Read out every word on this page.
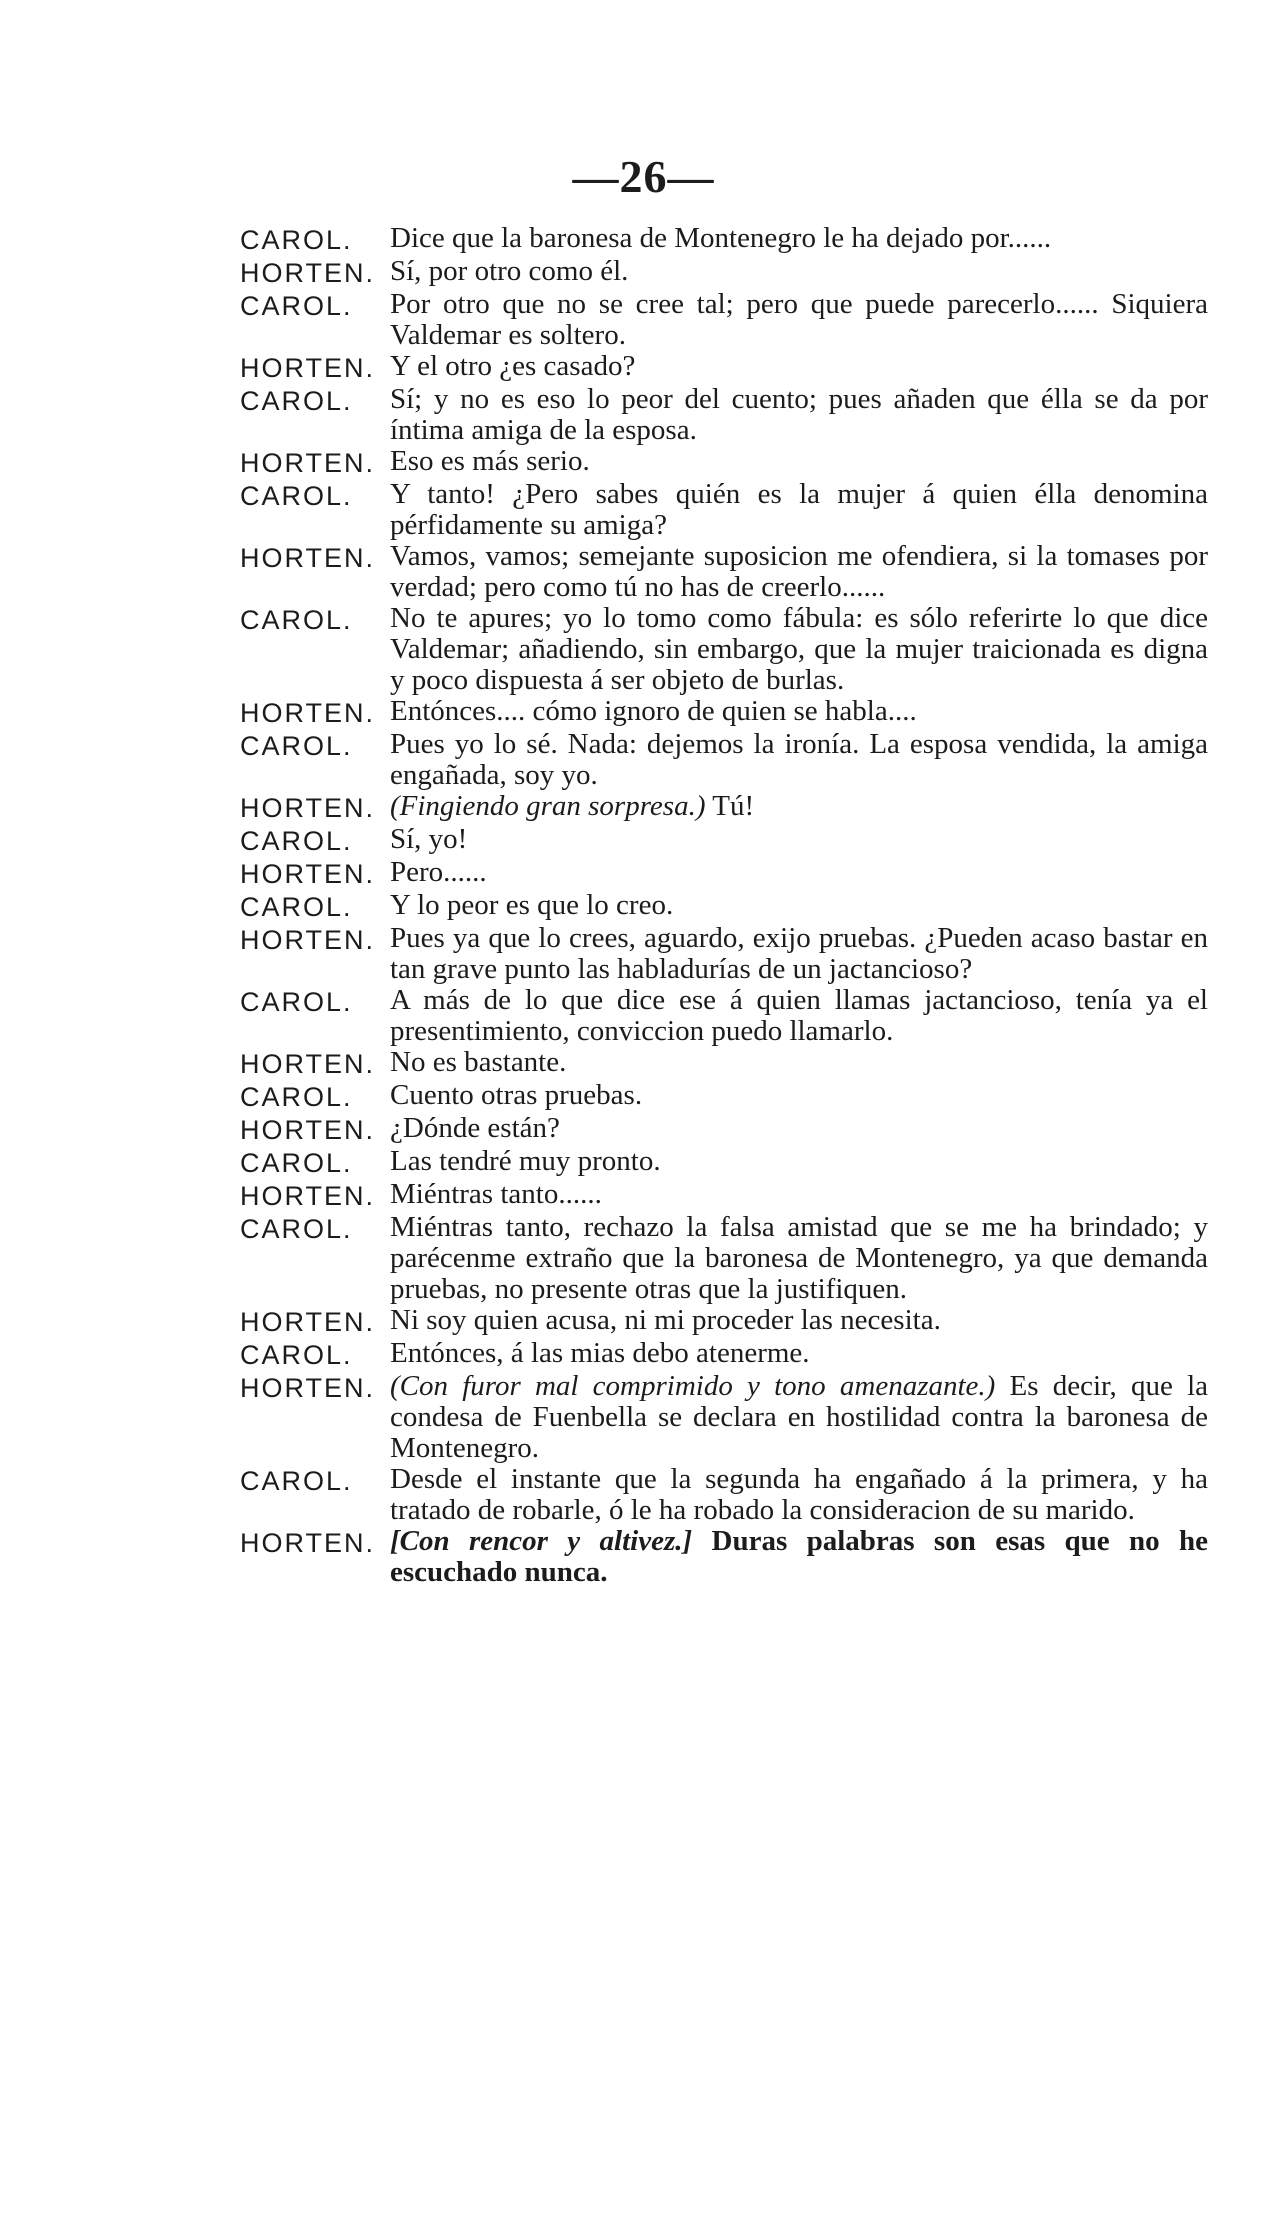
—26—
CAROL.	Dice que la baronesa de Montenegro le ha dejado por......
HORTEN. Sí, por otro como él.
CAROL.	Por otro que no se cree tal; pero que puede parecerlo...... Siquiera Valdemar es soltero.
HORTEN. Y el otro ¿es casado?
CAROL.	Sí; y no es eso lo peor del cuento; pues añaden que élla se da por íntima amiga de la esposa.
HORTEN. Eso es más serio.
CAROL.	Y tanto! ¿Pero sabes quién es la mujer á quien élla denomina pérfidamente su amiga?
HORTEN. Vamos, vamos; semejante suposicion me ofendiera, si la tomases por verdad; pero como tú no has de creerlo......
CAROL.	No te apures; yo lo tomo como fábula: es sólo referirte lo que dice Valdemar; añadiendo, sin embargo, que la mujer traicionada es digna y poco dispuesta á ser objeto de burlas.
HORTEN. Entónces.... cómo ignoro de quien se habla....
CAROL.	Pues yo lo sé. Nada: dejemos la ironía. La esposa vendida, la amiga engañada, soy yo.
HORTEN. (Fingiendo gran sorpresa.) Tú!
CAROL.	Sí, yo!
HORTEN. Pero......
CAROL.	Y lo peor es que lo creo.
HORTEN. Pues ya que lo crees, aguardo, exijo pruebas. ¿Pueden acaso bastar en tan grave punto las habladurías de un jactancioso?
CAROL.	A más de lo que dice ese á quien llamas jactancioso, tenía ya el presentimiento, conviccion puedo llamarlo.
HORTEN. No es bastante.
CAROL.	Cuento otras pruebas.
HORTEN. ¿Dónde están?
CAROL.	Las tendré muy pronto.
HORTEN. Miéntras tanto......
CAROL.	Miéntras tanto, rechazo la falsa amistad que se me ha brindado; y parécenme extraño que la baronesa de Montenegro, ya que demanda pruebas, no presente otras que la justifiquen.
HORTEN. Ni soy quien acusa, ni mi proceder las necesita.
CAROL.	Entónces, á las mias debo atenerme.
HORTEN. (Con furor mal comprimido y tono amenazante.) Es decir, que la condesa de Fuenbella se declara en hostilidad contra la baronesa de Montenegro.
CAROL.	Desde el instante que la segunda ha engañado á la primera, y ha tratado de robarle, ó le ha robado la consideracion de su marido.
HORTEN. [Con rencor y altivez.] Duras palabras son esas que no he escuchado nunca.
